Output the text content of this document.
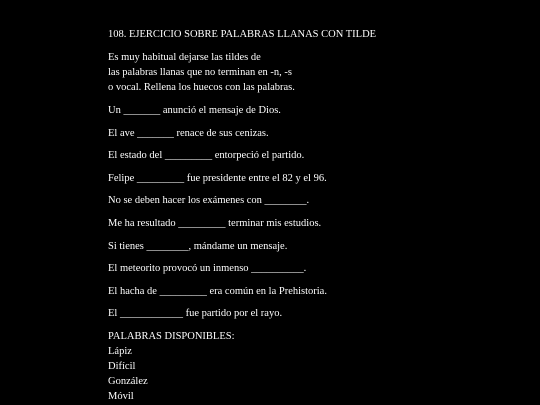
108. EJERCICIO SOBRE PALABRAS LLANAS CON TILDE

Es muy habitual dejarse las tildes de
las palabras llanas que no terminan en -n, -s
o vocal. Rellena los huecos con las palabras.

Un _______ anunció el mensaje de Dios.
El ave _______ renace de sus cenizas.
El estado del _________ entorpeció el partido.
Felipe _________ fue presidente entre el 82 y el 96.
No se deben hacer los exámenes con ________.
Me ha resultado _________ terminar mis estudios.
Si tienes ________, mándame un mensaje.
El meteorito provocó un inmenso __________.
El hacha de _________ era común en la Prehistoria.
El ____________ fue partido por el rayo.

PALABRAS DISPONIBLES:

Lápiz
Difícil
González
Móvil
